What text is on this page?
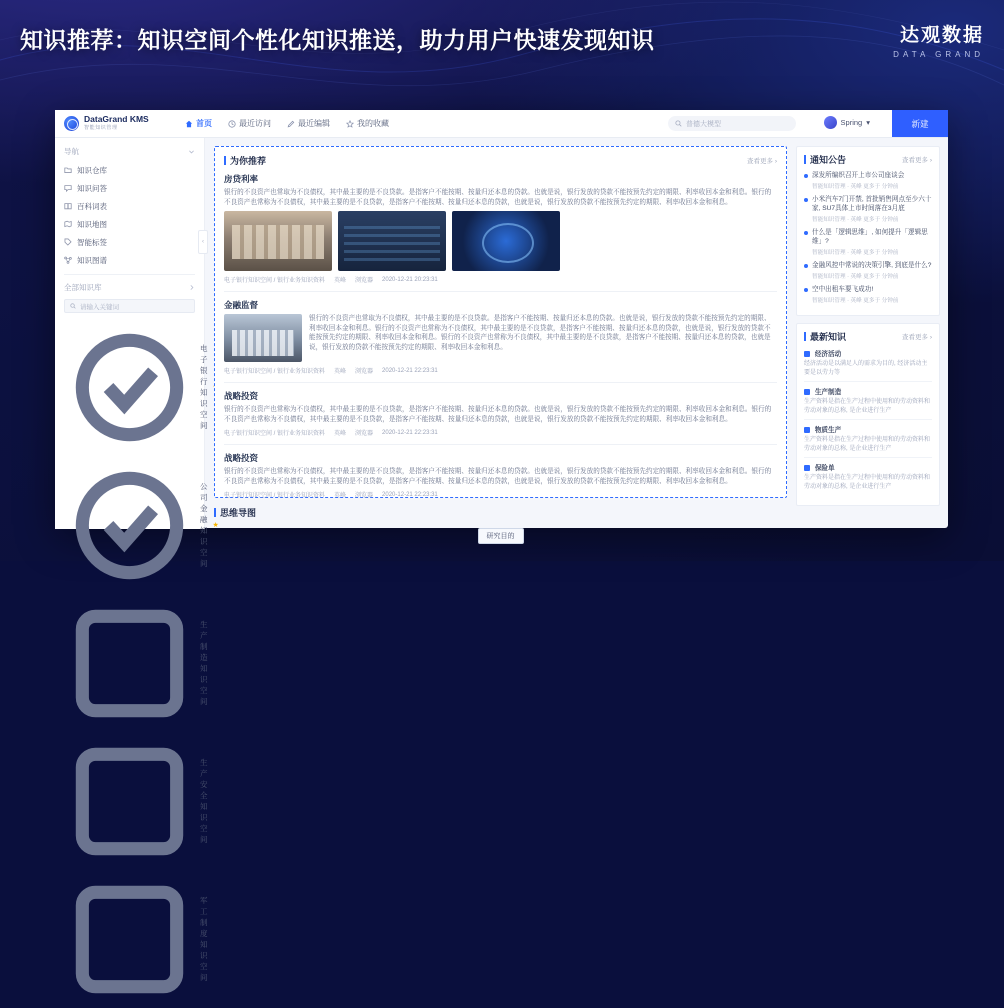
知识推荐：知识空间个性化知识推送，助力用户快速发现知识	达观数据
DATA GRAND
DataGrand KMS
智能知识管理	首页	最近访问	最近编辑	我的收藏	普德大模型	Spring ▾	新建
导航
知识仓库
知识问答
百科词表
知识地图
智能标签
知识图谱
全部知识库
请输入关键词
电子银行知识空间
公司金融知识空间
★
生产制造知识空间
生产安全知识空间
军工制度知识空间
‹
为你推荐	查看更多 ›
房贷利率
银行的不良资产也常取为不良债权，其中最主要的是不良贷款。是指客户不能按期、按量归还本息的贷款。也就是说，银行发放的贷款不能按预先约定的期限、利率收回本金和利息。银行的不良资产也常称为不良债权，其中最主要的是不良贷款，是指客户不能按期、按量归还本息的贷款，也就是说，银行发放的贷款不能按预先约定的期限、利率收回本金和利息。
电子银行知识空间 / 银行业务知识资料 英峰 浏览器 2020-12-21 20:23:31
金融监督
银行的不良资产也常取为不良债权，其中最主要的是不良贷款。是指客户不能按期、按量归还本息的贷款。也就是说，银行发放的贷款不能按预先约定的期限、利率收回本金和利息。银行的不良资产也常称为不良债权，其中最主要的是不良贷款，是指客户不能按期、按量归还本息的贷款，也就是说，银行发放的贷款不能按预先约定的期限、利率收回本金和利息。银行的不良资产也常称为不良债权，其中最主要的是不良贷款，是指客户不能按期、按量归还本息的贷款，也就是说，银行发放的贷款不能按预先约定的期限、利率收回本金和利息。
电子银行知识空间 / 银行业务知识资料 英峰 浏览器 2020-12-21 22:23:31
战略投资
银行的不良资产也常称为不良债权，其中最主要的是不良贷款，是指客户不能按期、按量归还本息的贷款。也就是说，银行发放的贷款不能按预先约定的期限、利率收回本金和利息。银行的不良资产也常称为不良债权，其中最主要的是不良贷款，是指客户不能按期、按量归还本息的贷款，也就是说，银行发放的贷款不能按预先约定的期限、利率收回本金和利息。
电子银行知识空间 / 银行业务知识资料 英峰 浏览器 2020-12-21 22:23:31
战略投资
银行的不良资产也常称为不良债权，其中最主要的是不良贷款，是指客户不能按期、按量归还本息的贷款。也就是说，银行发放的贷款不能按预先约定的期限、利率收回本金和利息。银行的不良资产也常称为不良债权，其中最主要的是不良贷款，是指客户不能按期、按量归还本息的贷款，也就是说，银行发放的贷款不能按预先约定的期限、利率收回本金和利息。
电子银行知识空间 / 银行业务知识资料 英峰 浏览器 2020-12-21 22:23:31
思维导图
研究目的
通知公告	查看更多 ›
深发所编织召开上市公司座谈会
智能知识管理 · 英峰 更多于 分钟前
小米汽车7门开禁, 首批销售网点至少六十家, SU7具体上市时间落在3月底
智能知识管理 · 英峰 更多于 分钟前
什么是「逻辑思维」, 如何提升「逻辑思维」?
智能知识管理 · 英峰 更多于 分钟前
金融风控中常说的决策引擎, 到底是什么?
智能知识管理 · 英峰 更多于 分钟前
空中出租车要飞成功!
智能知识管理 · 英峰 更多于 分钟前
最新知识	查看更多 ›
经济活动
经济活动是以满足人的需求为目的, 经济活动主要是以劳力等
生产制造
生产资料是指在生产过程中使用和的劳动资料和劳动对象的总称, 是企业进行生产
物质生产
生产资料是指在生产过程中使用和的劳动资料和劳动对象的总称, 是企业进行生产
保险单
生产资料是指在生产过程中使用和的劳动资料和劳动对象的总称, 是企业进行生产
